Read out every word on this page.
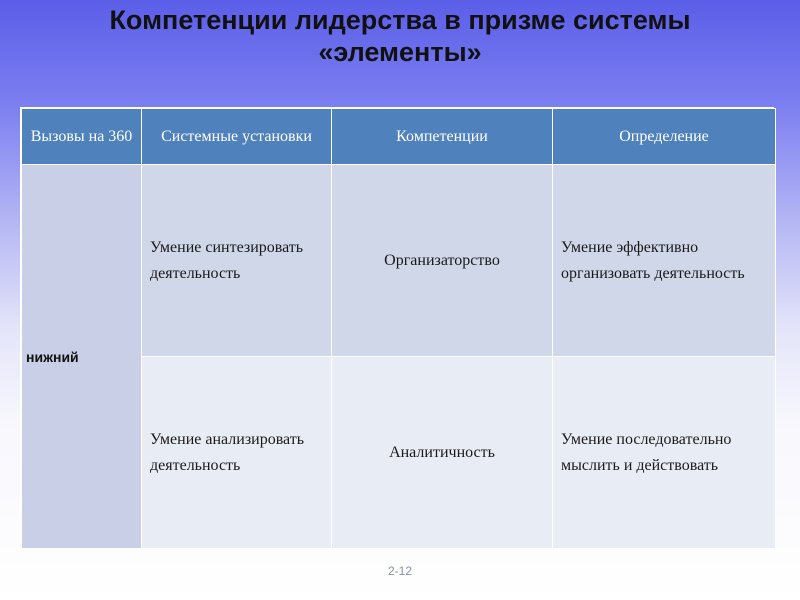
Компетенции лидерства в призме системы
«элементы»
Вызовы на 360	Системные установки	Компетенции	Определение
нижний	Умение синтезировать деятельность	Организаторство	Умение эффективно организовать деятельность
	Умение анализировать деятельность	Аналитичность	Умение последовательно мыслить и действовать
2-12
